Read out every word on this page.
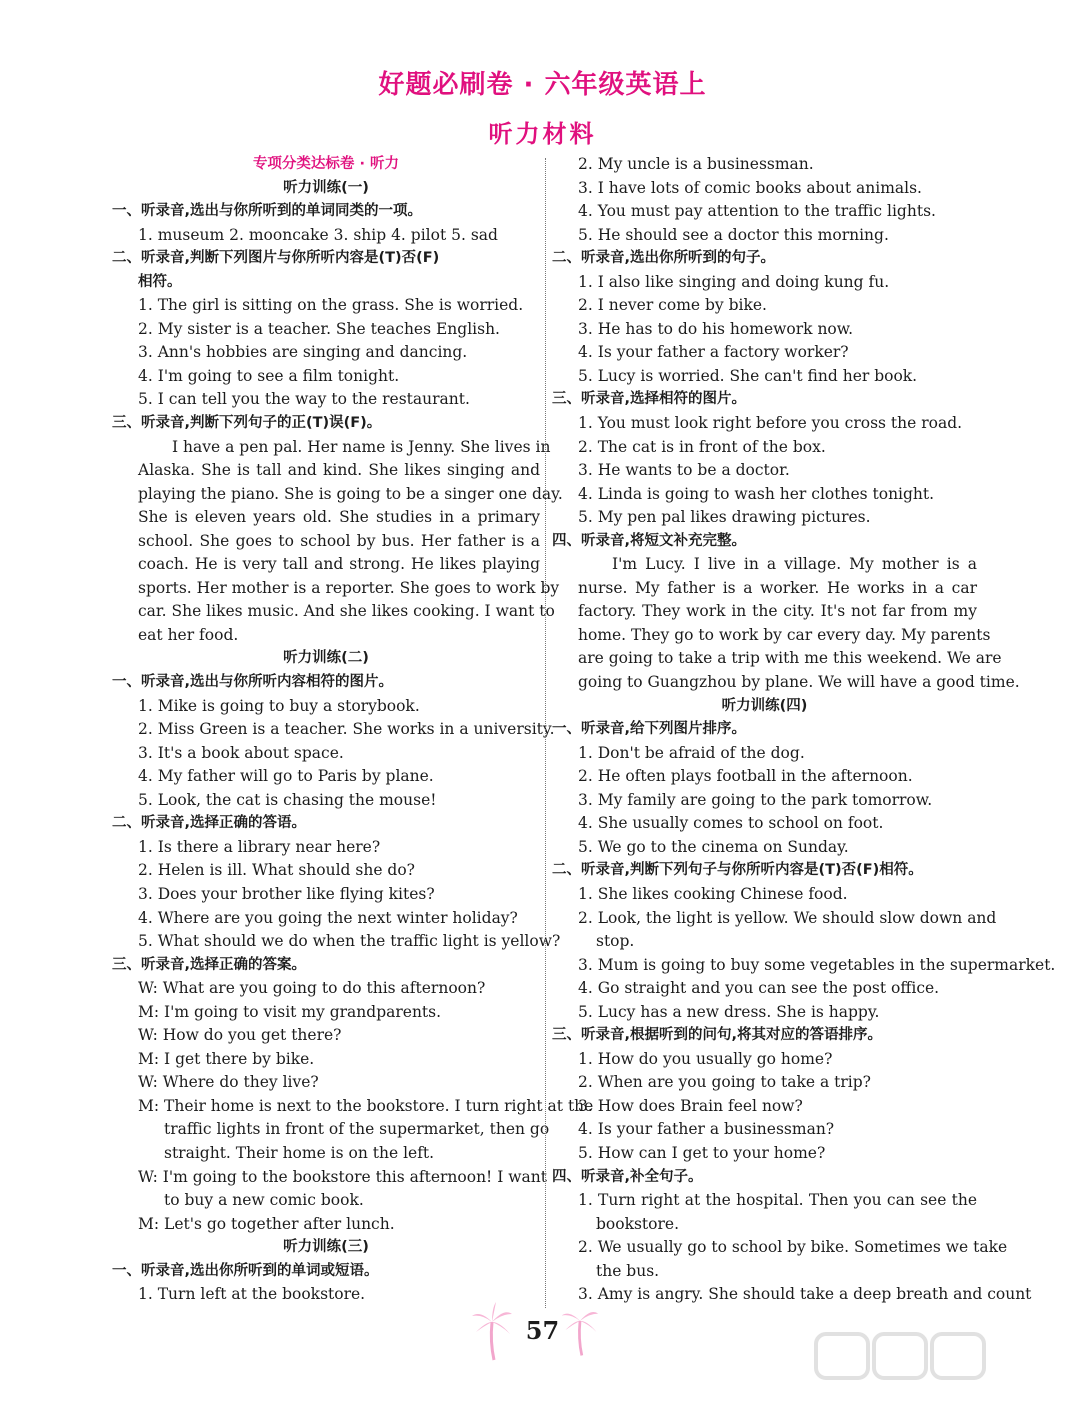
好题必刷卷 · 六年级英语上
听力材料
专项分类达标卷 · 听力
听力训练(一)
一、听录音,选出与你所听到的单词同类的一项。
1. museum 2. mooncake 3. ship 4. pilot 5. sad
二、听录音,判断下列图片与你所听内容是(T)否(F)
相符。
1. The girl is sitting on the grass. She is worried.
2. My sister is a teacher. She teaches English.
3. Ann's hobbies are singing and dancing.
4. I'm going to see a film tonight.
5. I can tell you the way to the restaurant.
三、听录音,判断下列句子的正(T)误(F)。
I have a pen pal. Her name is Jenny. She lives in
Alaska. She is tall and kind. She likes singing and
playing the piano. She is going to be a singer one day.
She is eleven years old. She studies in a primary
school. She goes to school by bus. Her father is a
coach. He is very tall and strong. He likes playing
sports. Her mother is a reporter. She goes to work by
car. She likes music. And she likes cooking. I want to
eat her food.
听力训练(二)
一、听录音,选出与你所听内容相符的图片。
1. Mike is going to buy a storybook.
2. Miss Green is a teacher. She works in a university.
3. It's a book about space.
4. My father will go to Paris by plane.
5. Look, the cat is chasing the mouse!
二、听录音,选择正确的答语。
1. Is there a library near here?
2. Helen is ill. What should she do?
3. Does your brother like flying kites?
4. Where are you going the next winter holiday?
5. What should we do when the traffic light is yellow?
三、听录音,选择正确的答案。
W: What are you going to do this afternoon?
M: I'm going to visit my grandparents.
W: How do you get there?
M: I get there by bike.
W: Where do they live?
M: Their home is next to the bookstore. I turn right at the
traffic lights in front of the supermarket, then go
straight. Their home is on the left.
W: I'm going to the bookstore this afternoon! I want
to buy a new comic book.
M: Let's go together after lunch.
听力训练(三)
一、听录音,选出你所听到的单词或短语。
1. Turn left at the bookstore.
2. My uncle is a businessman.
3. I have lots of comic books about animals.
4. You must pay attention to the traffic lights.
5. He should see a doctor this morning.
二、听录音,选出你所听到的句子。
1. I also like singing and doing kung fu.
2. I never come by bike.
3. He has to do his homework now.
4. Is your father a factory worker?
5. Lucy is worried. She can't find her book.
三、听录音,选择相符的图片。
1. You must look right before you cross the road.
2. The cat is in front of the box.
3. He wants to be a doctor.
4. Linda is going to wash her clothes tonight.
5. My pen pal likes drawing pictures.
四、听录音,将短文补充完整。
I'm Lucy. I live in a village. My mother is a
nurse. My father is a worker. He works in a car
factory. They work in the city. It's not far from my
home. They go to work by car every day. My parents
are going to take a trip with me this weekend. We are
going to Guangzhou by plane. We will have a good time.
听力训练(四)
一、听录音,给下列图片排序。
1. Don't be afraid of the dog.
2. He often plays football in the afternoon.
3. My family are going to the park tomorrow.
4. She usually comes to school on foot.
5. We go to the cinema on Sunday.
二、听录音,判断下列句子与你所听内容是(T)否(F)相符。
1. She likes cooking Chinese food.
2. Look, the light is yellow. We should slow down and
stop.
3. Mum is going to buy some vegetables in the supermarket.
4. Go straight and you can see the post office.
5. Lucy has a new dress. She is happy.
三、听录音,根据听到的问句,将其对应的答语排序。
1. How do you usually go home?
2. When are you going to take a trip?
3. How does Brain feel now?
4. Is your father a businessman?
5. How can I get to your home?
四、听录音,补全句子。
1. Turn right at the hospital. Then you can see the
bookstore.
2. We usually go to school by bike. Sometimes we take
the bus.
3. Amy is angry. She should take a deep breath and count
57
